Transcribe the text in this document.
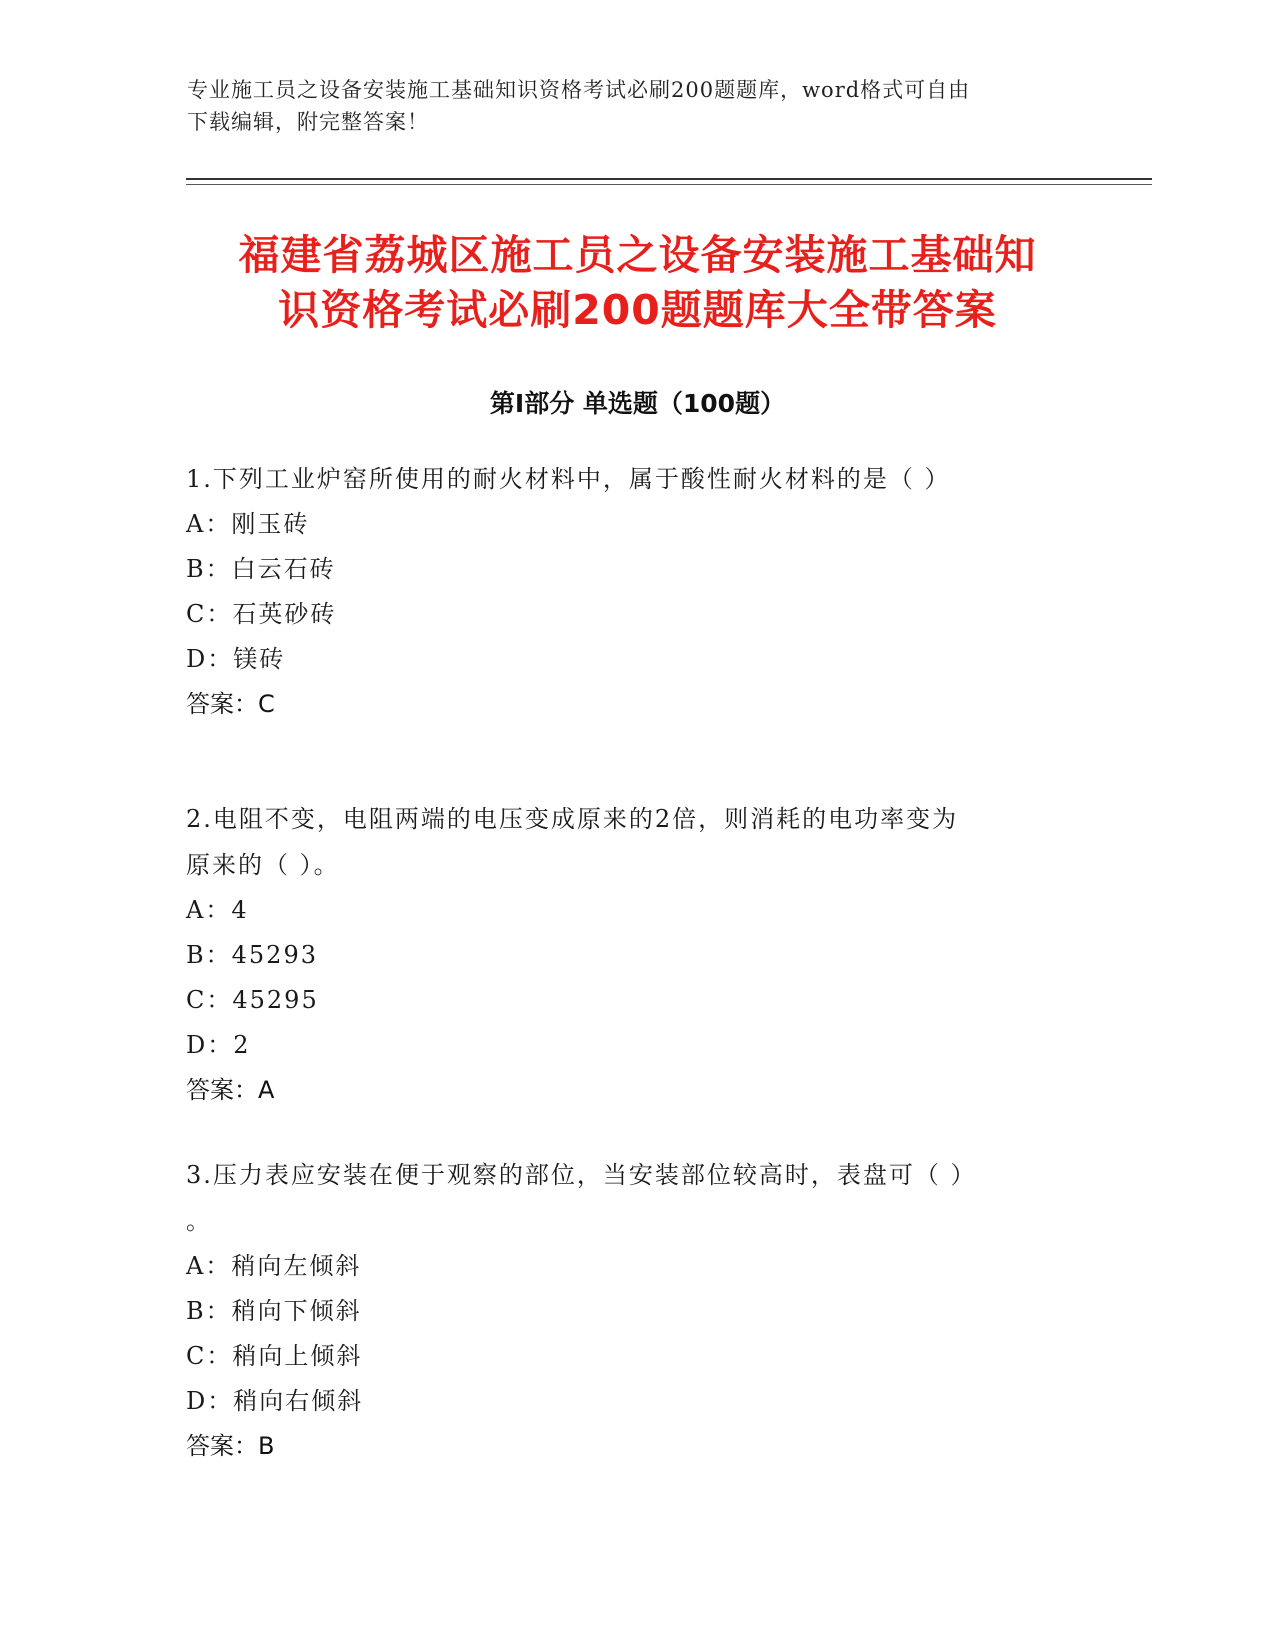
专业施工员之设备安装施工基础知识资格考试必刷200题题库，word格式可自由
下载编辑，附完整答案！
福建省荔城区施工员之设备安装施工基础知
识资格考试必刷200题题库大全带答案
第Ⅰ部分 单选题（100题）
1.下列工业炉窑所使用的耐火材料中，属于酸性耐火材料的是（ ）
A：刚玉砖
B：白云石砖
C：石英砂砖
D：镁砖
答案：C
2.电阻不变，电阻两端的电压变成原来的2倍，则消耗的电功率变为
原来的（ ）。
A：4
B：45293
C：45295
D：2
答案：A
3.压力表应安装在便于观察的部位，当安装部位较高时，表盘可（ ）
。
A：稍向左倾斜
B：稍向下倾斜
C：稍向上倾斜
D：稍向右倾斜
答案：B
